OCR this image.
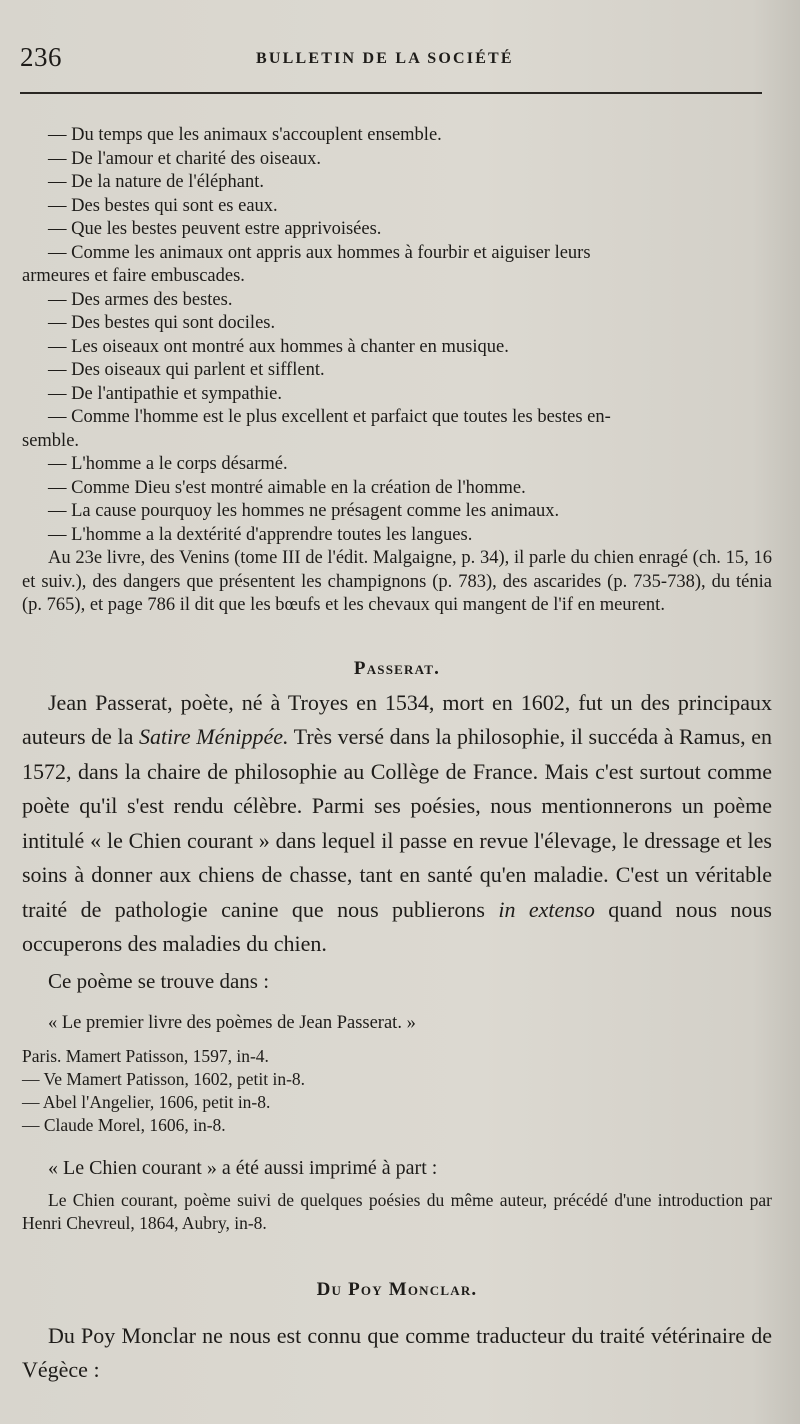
236	BULLETIN DE LA SOCIÉTÉ
— Du temps que les animaux s'accouplent ensemble.
— De l'amour et charité des oiseaux.
— De la nature de l'éléphant.
— Des bestes qui sont es eaux.
— Que les bestes peuvent estre apprivoisées.
— Comme les animaux ont appris aux hommes à fourbir et aiguiser leurs
armeures et faire embuscades.
— Des armes des bestes.
— Des bestes qui sont dociles.
— Les oiseaux ont montré aux hommes à chanter en musique.
— Des oiseaux qui parlent et sifflent.
— De l'antipathie et sympathie.
— Comme l'homme est le plus excellent et parfaict que toutes les bestes en-
semble.
— L'homme a le corps désarmé.
— Comme Dieu s'est montré aimable en la création de l'homme.
— La cause pourquoy les hommes ne présagent comme les animaux.
— L'homme a la dextérité d'apprendre toutes les langues.

Au 23e livre, des Venins (tome III de l'édit. Malgaigne, p. 34), il parle du chien enragé (ch. 15, 16 et suiv.), des dangers que présentent les champignons (p. 783), des ascarides (p. 735-738), du ténia (p. 765), et page 786 il dit que les bœufs et les chevaux qui mangent de l'if en meurent.

Passerat.

Jean Passerat, poète, né à Troyes en 1534, mort en 1602, fut un des principaux auteurs de la Satire Ménippée. Très versé dans la philosophie, il succéda à Ramus, en 1572, dans la chaire de philosophie au Collège de France. Mais c'est surtout comme poète qu'il s'est rendu célèbre. Parmi ses poésies, nous mentionnerons un poème intitulé « le Chien courant » dans lequel il passe en revue l'élevage, le dressage et les soins à donner aux chiens de chasse, tant en santé qu'en maladie. C'est un véritable traité de pathologie canine que nous publierons in extenso quand nous nous occuperons des maladies du chien.

Ce poème se trouve dans :

« Le premier livre des poèmes de Jean Passerat. »

Paris. Mamert Patisson, 1597, in-4.

— Ve Mamert Patisson, 1602, petit in-8.

— Abel l'Angelier, 1606, petit in-8.

— Claude Morel, 1606, in-8.

« Le Chien courant » a été aussi imprimé à part :

Le Chien courant, poème suivi de quelques poésies du même auteur, précédé d'une introduction par Henri Chevreul, 1864, Aubry, in-8.

Du Poy Monclar.

Du Poy Monclar ne nous est connu que comme traducteur du traité vétérinaire de Végèce :
